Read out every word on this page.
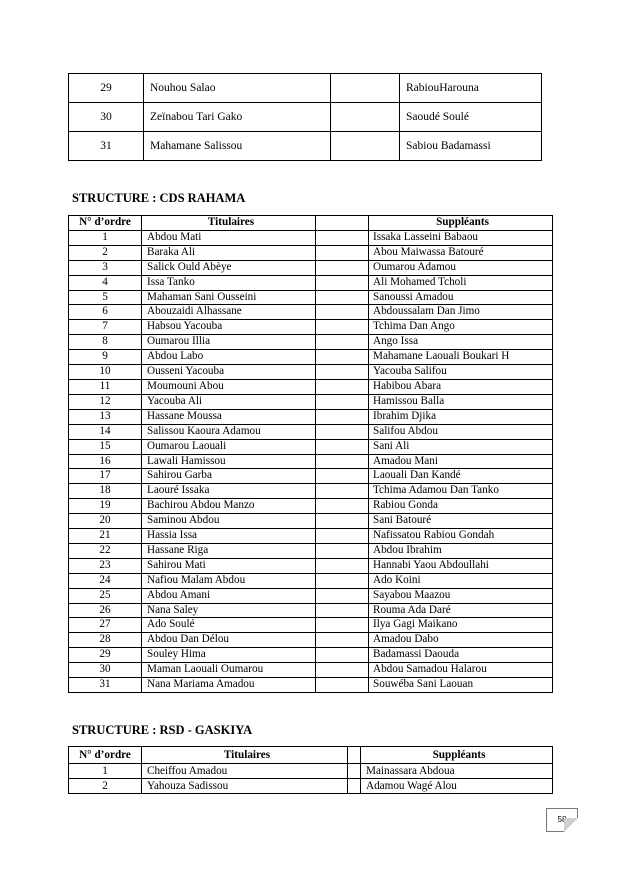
29	Nouhou Salao		RabiouHarouna
30	Zeïnabou Tari Gako		Saoudé Soulé
31	Mahamane Salissou		Sabiou Badamassi
STRUCTURE : CDS RAHAMA
N° d’ordre	Titulaires		Suppléants
1	Abdou Mati		Issaka Lasseini Babaou
2	Baraka Ali		Abou Maiwassa Batouré
3	Salick Ould Abèye		Oumarou Adamou
4	Issa Tanko		Ali Mohamed Tcholi
5	Mahaman Sani Ousseini		Sanoussi Amadou
6	Abouzaidi Alhassane		Abdoussalam Dan Jimo
7	Habsou Yacouba		Tchima Dan Ango
8	Oumarou Illia		Ango Issa
9	Abdou Labo		Mahamane Laouali Boukari H
10	Ousseni Yacouba		Yacouba Salifou
11	Moumouni Abou		Habibou Abara
12	Yacouba Ali		Hamissou Balla
13	Hassane Moussa		Ibrahim Djika
14	Salissou Kaoura Adamou		Salifou Abdou
15	Oumarou Laouali		Sani Ali
16	Lawali Hamissou		Amadou Mani
17	Sahirou Garba		Laouali Dan Kandé
18	Laouré Issaka		Tchima Adamou Dan Tanko
19	Bachirou Abdou Manzo		Rabiou Gonda
20	Saminou Abdou		Sani Batouré
21	Hassia Issa		Nafissatou Rabiou Gondah
22	Hassane Riga		Abdou Ibrahim
23	Sahirou Mati		Hannabi Yaou Abdoullahi
24	Nafiou Malam Abdou		Ado Koini
25	Abdou Amani		Sayabou Maazou
26	Nana Saley		Rouma Ada Daré
27	Ado Soulé		Ilya Gagi Maikano
28	Abdou Dan Délou		Amadou Dabo
29	Souley Hima		Badamassi Daouda
30	Maman Laouali Oumarou		Abdou Samadou Halarou
31	Nana Mariama Amadou		Souwéba Sani Laouan
STRUCTURE : RSD - GASKIYA
N° d’ordre	Titulaires		Suppléants
1	Cheiffou Amadou		Mainassara Abdoua
2	Yahouza Sadissou		Adamou Wagé Alou
58
